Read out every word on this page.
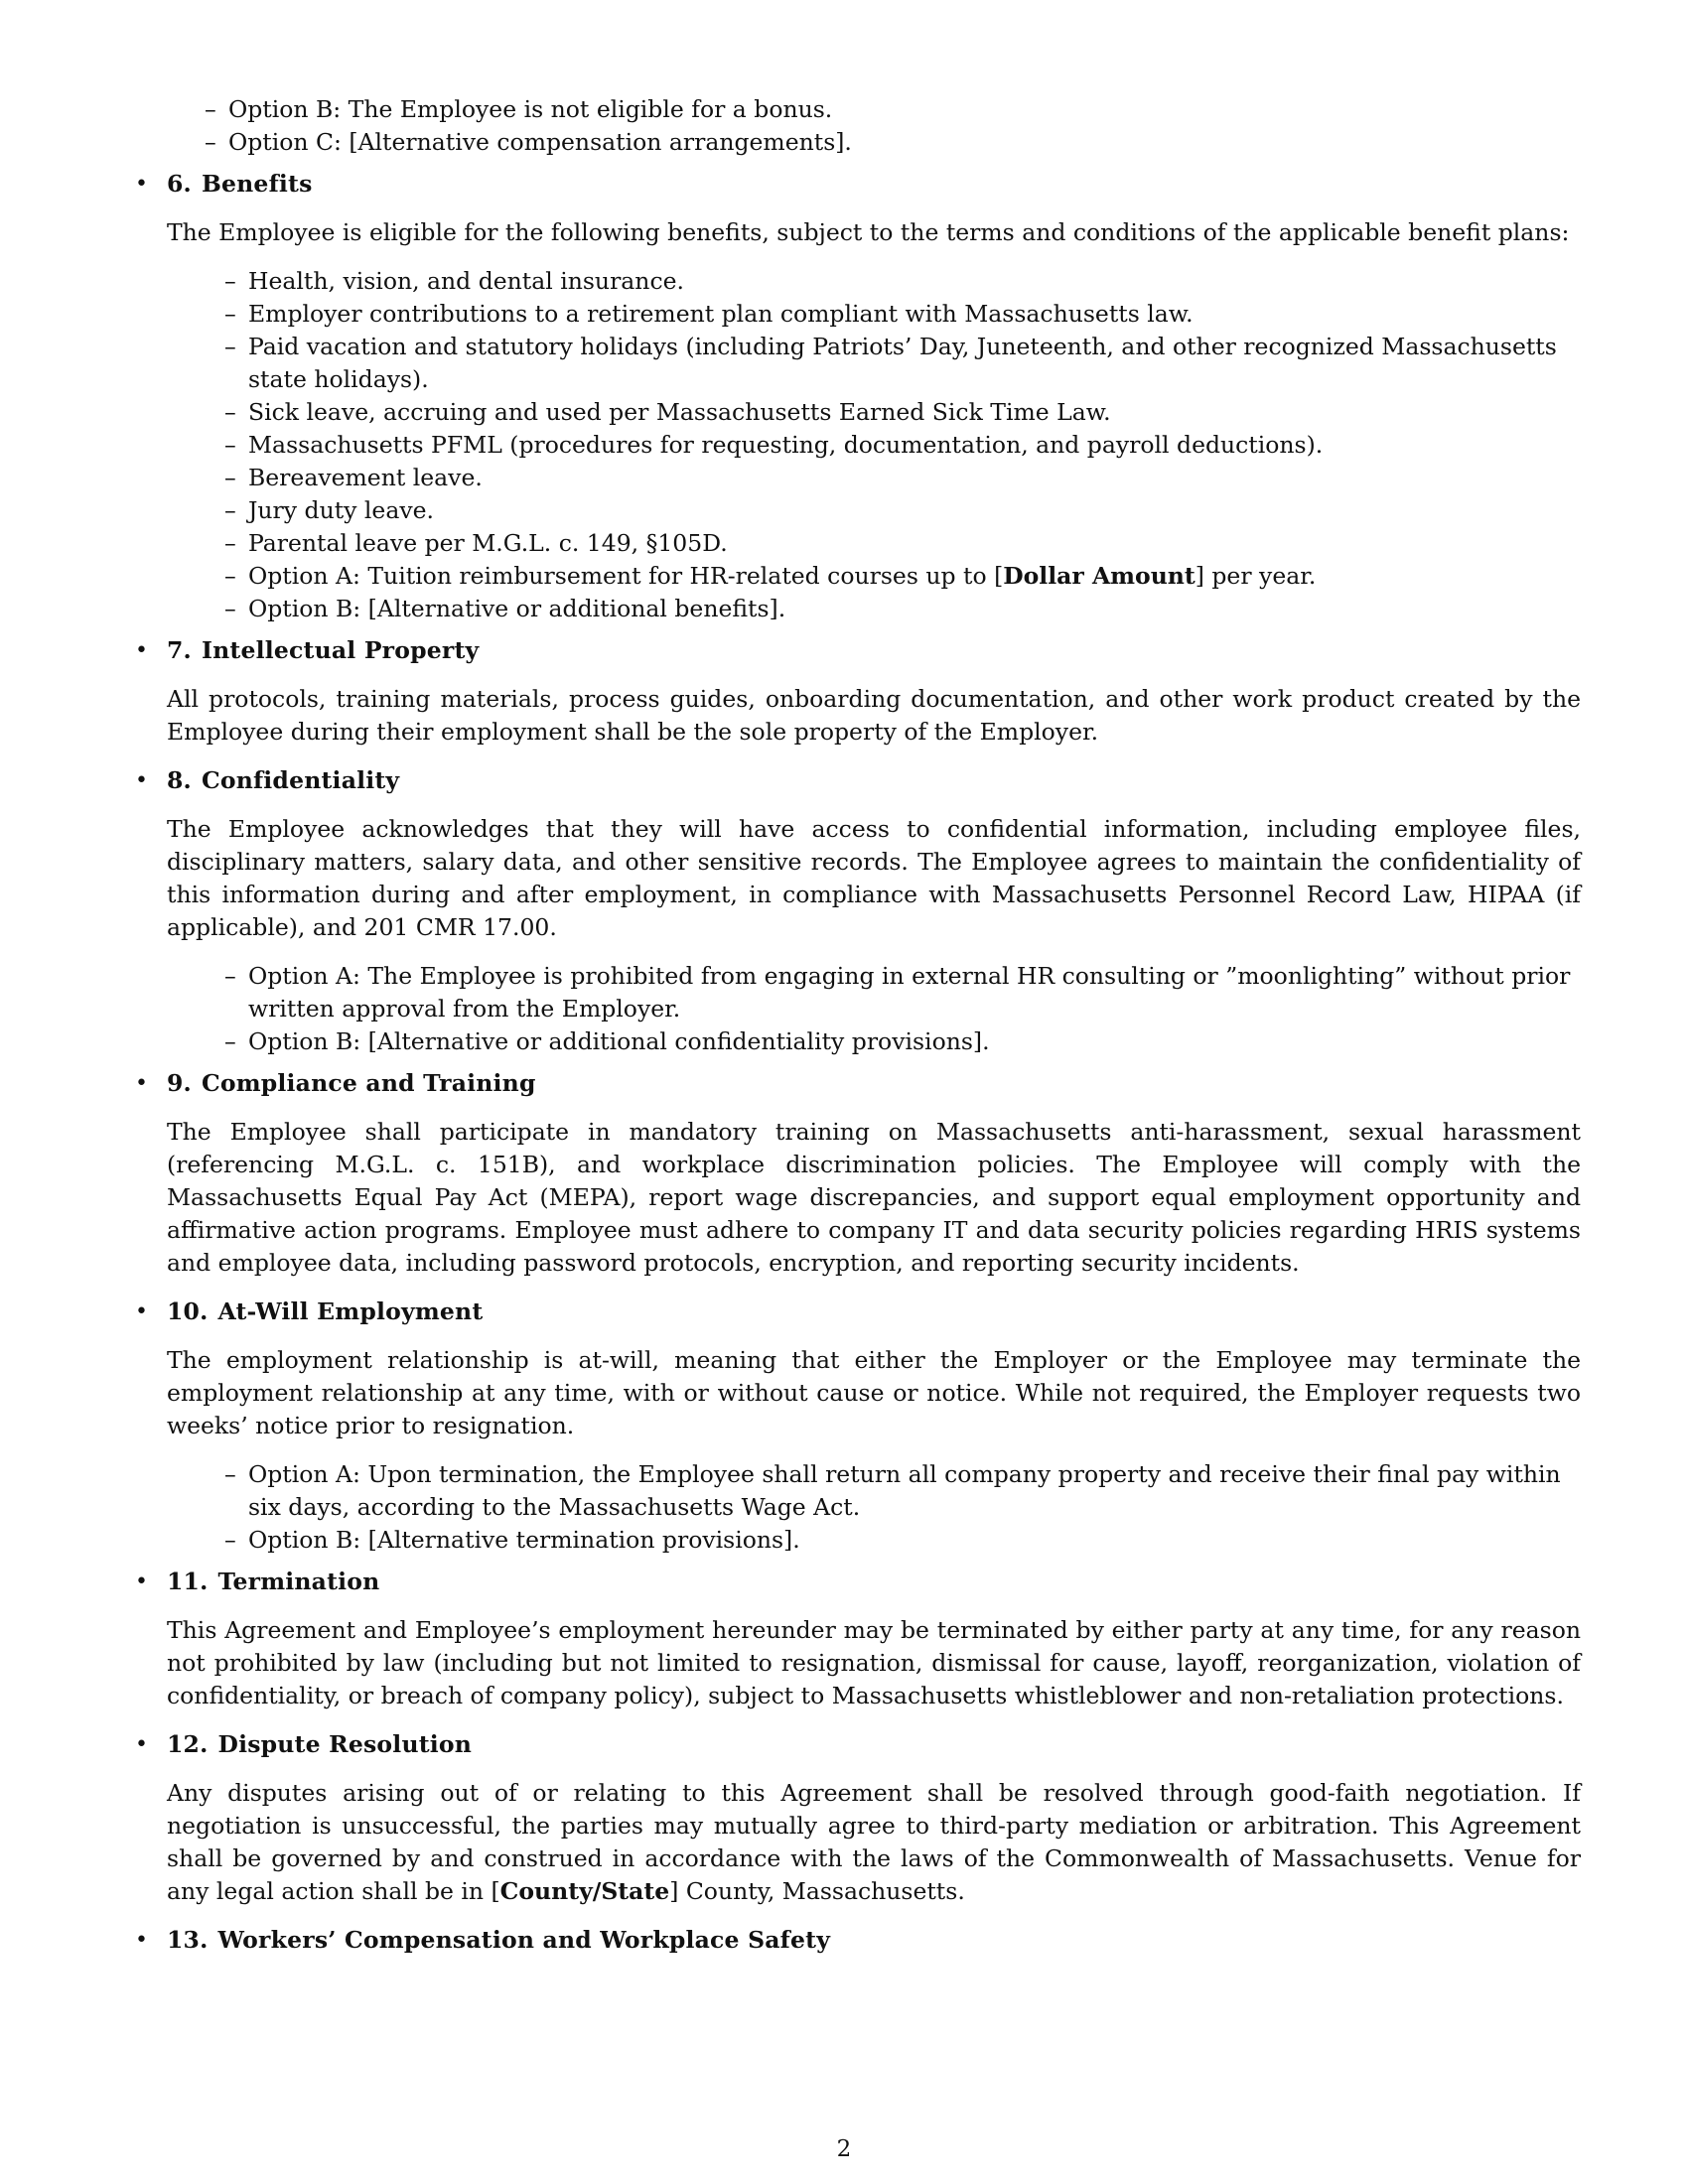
– Option B: The Employee is not eligible for a bonus.
– Option C: [Alternative compensation arrangements].
• 6. Benefits

The Employee is eligible for the following benefits, subject to the terms and conditions of the applicable benefit plans:

– Health, vision, and dental insurance.
– Employer contributions to a retirement plan compliant with Massachusetts law.
– Paid vacation and statutory holidays (including Patriots’ Day, Juneteenth, and other recognized Massachusetts state holidays).
– Sick leave, accruing and used per Massachusetts Earned Sick Time Law.
– Massachusetts PFML (procedures for requesting, documentation, and payroll deductions).
– Bereavement leave.
– Jury duty leave.
– Parental leave per M.G.L. c. 149, §105D.
– Option A: Tuition reimbursement for HR-related courses up to [Dollar Amount] per year.
– Option B: [Alternative or additional benefits].
• 7. Intellectual Property

All protocols, training materials, process guides, onboarding documentation, and other work product created by the Employee during their employment shall be the sole property of the Employer.

• 8. Confidentiality

The Employee acknowledges that they will have access to confidential information, including employee files, disciplinary matters, salary data, and other sensitive records. The Employee agrees to maintain the confidentiality of this information during and after employment, in compliance with Massachusetts Personnel Record Law, HIPAA (if applicable), and 201 CMR 17.00.

– Option A: The Employee is prohibited from engaging in external HR consulting or ”moonlighting” without prior written approval from the Employer.
– Option B: [Alternative or additional confidentiality provisions].
• 9. Compliance and Training

The Employee shall participate in mandatory training on Massachusetts anti-harassment, sexual harassment (referencing M.G.L. c. 151B), and workplace discrimination policies. The Employee will comply with the Massachusetts Equal Pay Act (MEPA), report wage discrepancies, and support equal employment opportunity and affirmative action programs. Employee must adhere to company IT and data security policies regarding HRIS systems and employee data, including password protocols, encryption, and reporting security incidents.

• 10. At-Will Employment

The employment relationship is at-will, meaning that either the Employer or the Employee may terminate the employment relationship at any time, with or without cause or notice. While not required, the Employer requests two weeks’ notice prior to resignation.

– Option A: Upon termination, the Employee shall return all company property and receive their final pay within six days, according to the Massachusetts Wage Act.
– Option B: [Alternative termination provisions].
• 11. Termination

This Agreement and Employee’s employment hereunder may be terminated by either party at any time, for any reason not prohibited by law (including but not limited to resignation, dismissal for cause, layoff, reorganization, violation of confidentiality, or breach of company policy), subject to Massachusetts whistleblower and non-retaliation protections.

• 12. Dispute Resolution

Any disputes arising out of or relating to this Agreement shall be resolved through good-faith negotiation. If negotiation is unsuccessful, the parties may mutually agree to third-party mediation or arbitration. This Agreement shall be governed by and construed in accordance with the laws of the Commonwealth of Massachusetts. Venue for any legal action shall be in [County/State] County, Massachusetts.

• 13. Workers’ Compensation and Workplace Safety
2
